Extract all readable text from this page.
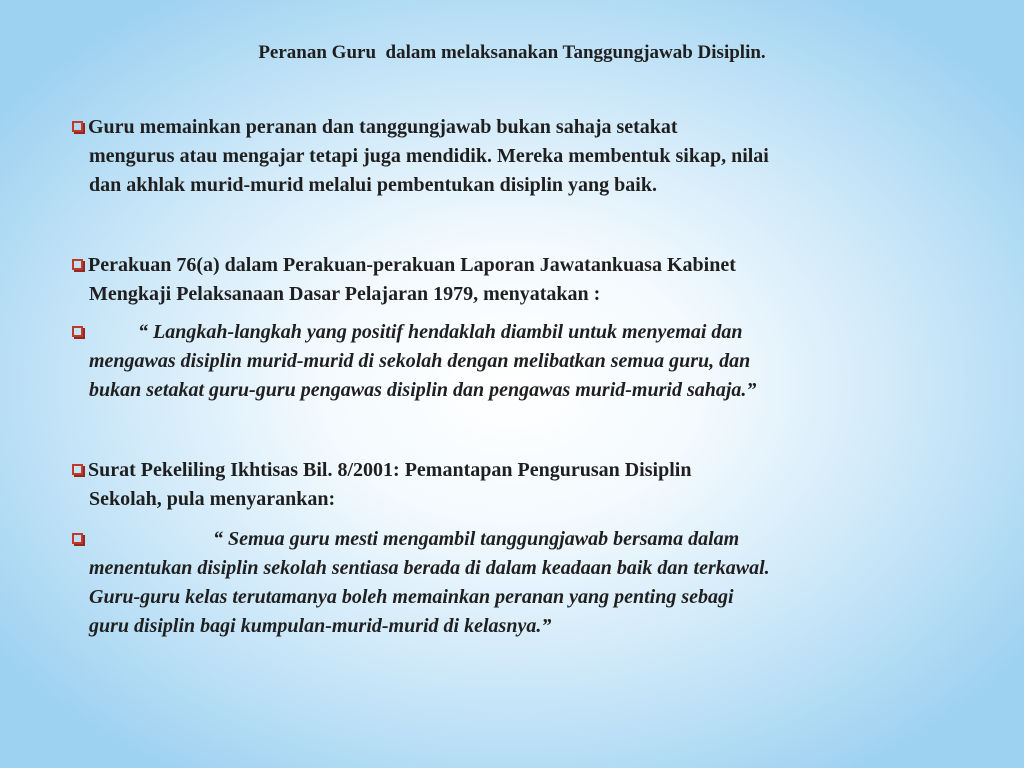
Peranan Guru  dalam melaksanakan Tanggungjawab Disiplin.
Guru memainkan peranan dan tanggungjawab bukan sahaja setakat
mengurus atau mengajar tetapi juga mendidik. Mereka membentuk sikap, nilai
dan akhlak murid-murid melalui pembentukan disiplin yang baik.
Perakuan 76(a) dalam Perakuan-perakuan Laporan Jawatankuasa Kabinet
Mengkaji Pelaksanaan Dasar Pelajaran 1979, menyatakan :
“ Langkah-langkah yang positif hendaklah diambil untuk menyemai dan
mengawas disiplin murid-murid di sekolah dengan melibatkan semua guru, dan
bukan setakat guru-guru pengawas disiplin dan pengawas murid-murid sahaja.”
Surat Pekeliling Ikhtisas Bil. 8/2001: Pemantapan Pengurusan Disiplin
Sekolah, pula menyarankan:
“ Semua guru mesti mengambil tanggungjawab bersama dalam
menentukan disiplin sekolah sentiasa berada di dalam keadaan baik dan terkawal.
Guru-guru kelas terutamanya boleh memainkan peranan yang penting sebagi
guru disiplin bagi kumpulan-murid-murid di kelasnya.”
